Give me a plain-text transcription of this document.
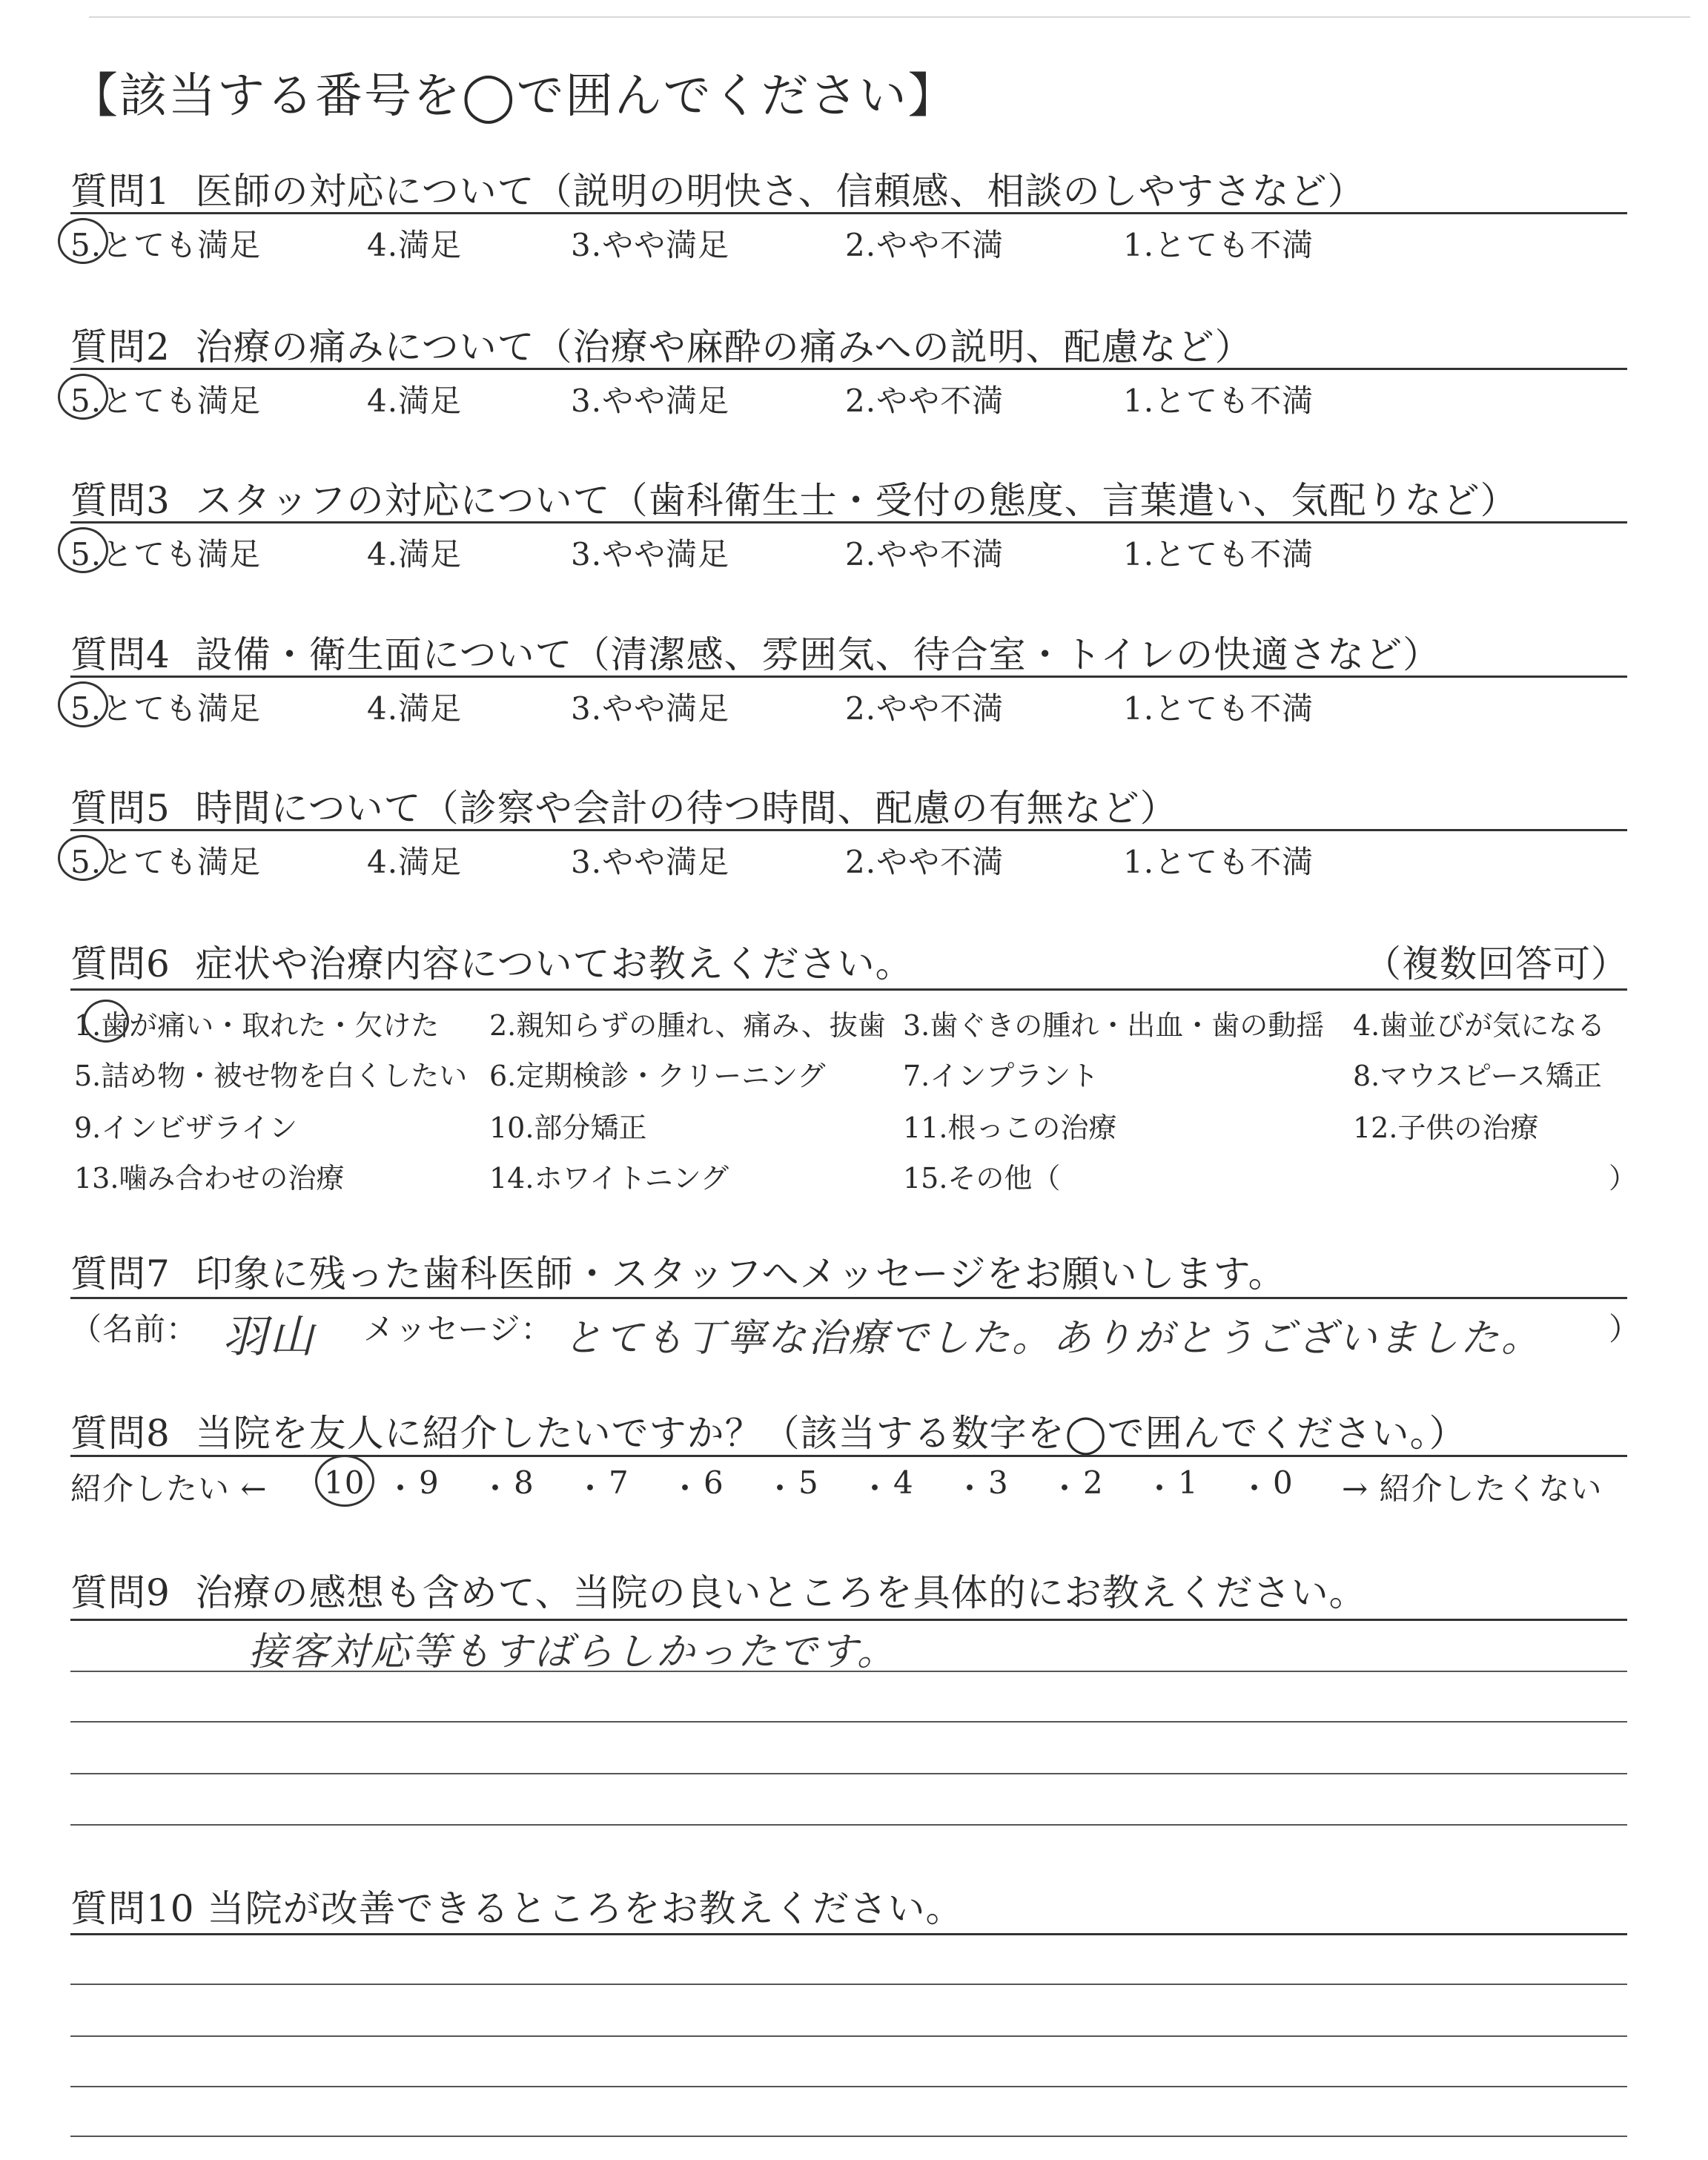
【該当する番号を◯で囲んでください】
質問1 医師の対応について（説明の明快さ、信頼感、相談のしやすさなど）
5.とても満足	4.満足	3.やや満足	2.やや不満	1.とても不満
質問2 治療の痛みについて（治療や麻酔の痛みへの説明、配慮など）
5.とても満足	4.満足	3.やや満足	2.やや不満	1.とても不満
質問3 スタッフの対応について（歯科衛生士・受付の態度、言葉遣い、気配りなど）
5.とても満足	4.満足	3.やや満足	2.やや不満	1.とても不満
質問4 設備・衛生面について（清潔感、雰囲気、待合室・トイレの快適さなど）
5.とても満足	4.満足	3.やや満足	2.やや不満	1.とても不満
質問5 時間について（診察や会計の待つ時間、配慮の有無など）
5.とても満足	4.満足	3.やや満足	2.やや不満	1.とても不満
質問6 症状や治療内容についてお教えください。	（複数回答可）
1.歯が痛い・取れた・欠けた 2.親知らずの腫れ、痛み、抜歯 3.歯ぐきの腫れ・出血・歯の動揺 4.歯並びが気になる
5.詰め物・被せ物を白くしたい 6.定期検診・クリーニング	7.インプラント	8.マウスピース矯正
9.インビザライン	10.部分矯正	11.根っこの治療	12.子供の治療
13.噛み合わせの治療	14.ホワイトニング	15.その他（	）
質問7 印象に残った歯科医師・スタッフへメッセージをお願いします。
（名前： 羽山 メッセージ： とても丁寧な治療でした。ありがとうございました。 ）
質問8 当院を友人に紹介したいですか？（該当する数字を◯で囲んでください。）
紹介したい ← 10 ・ 9 ・ 8 ・ 7 ・ 6 ・ 5 ・ 4 ・ 3 ・ 2 ・ 1 ・ 0 → 紹介したくない
質問9 治療の感想も含めて、当院の良いところを具体的にお教えください。
接客対応等もすばらしかったです。
質問10 当院が改善できるところをお教えください。
